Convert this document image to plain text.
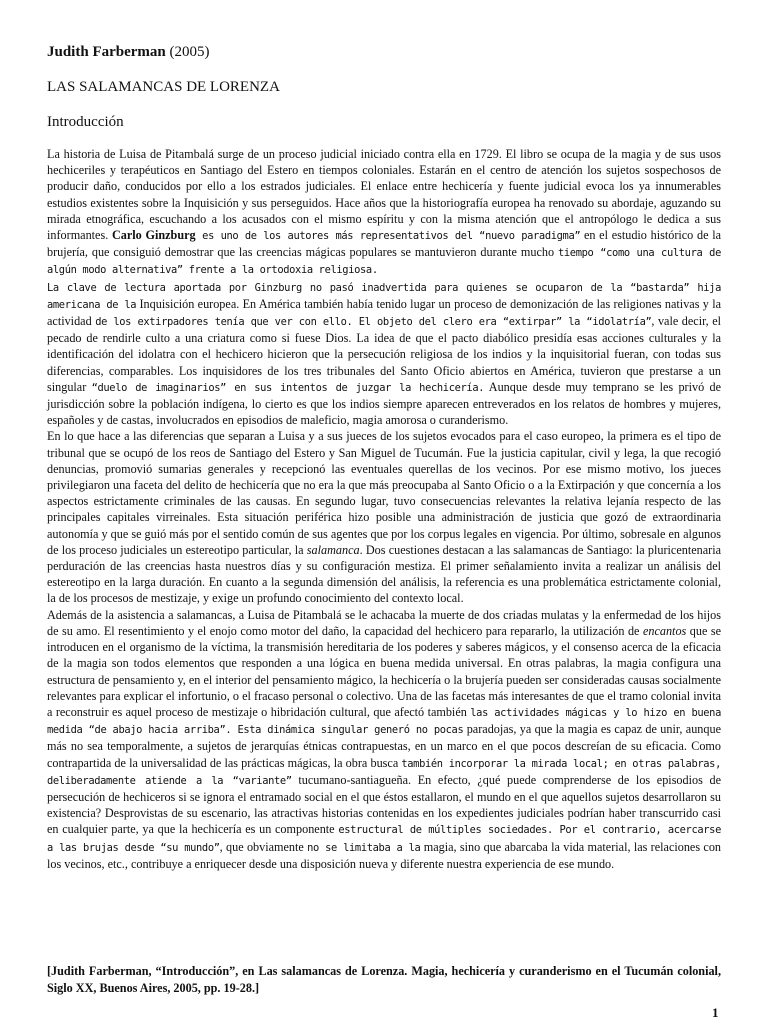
Judith Farberman (2005)
LAS SALAMANCAS DE LORENZA
Introducción

La historia de Luisa de Pitambalá surge de un proceso judicial iniciado contra ella en 1729. El libro se ocupa de la magia y de sus usos hechiceriles y terapéuticos en Santiago del Estero en tiempos coloniales. Estarán en el centro de atención los sujetos sospechosos de producir daño, conducidos por ello a los estrados judiciales. El enlace entre hechicería y fuente judicial evoca los ya innumerables estudios existentes sobre la Inquisición y sus perseguidos. Hace años que la historiografía europea ha renovado su abordaje, aguzando su mirada etnográfica, escuchando a los acusados con el mismo espíritu y con la misma atención que el antropólogo le dedica a sus informantes. Carlo Ginzburg es uno de los autores más representativos del “nuevo paradigma” en el estudio histórico de la brujería, que consiguió demostrar que las creencias mágicas populares se mantuvieron durante mucho tiempo “como una cultura de algún modo alternativa” frente a la ortodoxia religiosa.

La clave de lectura aportada por Ginzburg no pasó inadvertida para quienes se ocuparon de la “bastarda” hija americana de la Inquisición europea. En América también había tenido lugar un proceso de demonización de las religiones nativas y la actividad de los extirpadores tenía que ver con ello. El objeto del clero era “extirpar” la “idolatría”, vale decir, el pecado de rendirle culto a una criatura como si fuese Dios. La idea de que el pacto diabólico presidía esas acciones culturales y la identificación del idolatra con el hechicero hicieron que la persecución religiosa de los indios y la inquisitorial fueran, con todas sus diferencias, comparables. Los inquisidores de los tres tribunales del Santo Oficio abiertos en América, tuvieron que prestarse a un singular “duelo de imaginarios” en sus intentos de juzgar la hechicería. Aunque desde muy temprano se les privó de jurisdicción sobre la población indígena, lo cierto es que los indios siempre aparecen entreverados en los relatos de hombres y mujeres, españoles y de castas, involucrados en episodios de maleficio, magia amorosa o curanderismo.

En lo que hace a las diferencias que separan a Luisa y a sus jueces de los sujetos evocados para el caso europeo, la primera es el tipo de tribunal que se ocupó de los reos de Santiago del Estero y San Miguel de Tucumán. Fue la justicia capitular, civil y lega, la que recogió denuncias, promovió sumarias generales y recepcionó las eventuales querellas de los vecinos. Por ese mismo motivo, los jueces privilegiaron una faceta del delito de hechicería que no era la que más preocupaba al Santo Oficio o a la Extirpación y que concernía a los aspectos estrictamente criminales de las causas. En segundo lugar, tuvo consecuencias relevantes la relativa lejanía respecto de las principales capitales virreinales. Esta situación periférica hizo posible una administración de justicia que gozó de extraordinaria autonomía y que se guió más por el sentido común de sus agentes que por los corpus legales en vigencia. Por último, sobresale en algunos de los proceso judiciales un estereotipo particular, la salamanca. Dos cuestiones destacan a las salamancas de Santiago: la pluricentenaria perduración de las creencias hasta nuestros días y su configuración mestiza. El primer señalamiento invita a realizar un análisis del estereotipo en la larga duración. En cuanto a la segunda dimensión del análisis, la referencia es una problemática estrictamente colonial, la de los procesos de mestizaje, y exige un profundo conocimiento del contexto local.

Además de la asistencia a salamancas, a Luisa de Pitambalá se le achacaba la muerte de dos criadas mulatas y la enfermedad de los hijos de su amo. El resentimiento y el enojo como motor del daño, la capacidad del hechicero para repararlo, la utilización de encantos que se introducen en el organismo de la víctima, la transmisión hereditaria de los poderes y saberes mágicos, y el consenso acerca de la eficacia de la magia son todos elementos que responden a una lógica en buena medida universal. En otras palabras, la magia configura una estructura de pensamiento y, en el interior del pensamiento mágico, la hechicería o la brujería pueden ser consideradas causas socialmente relevantes para explicar el infortunio, o el fracaso personal o colectivo. Una de las facetas más interesantes de que el tramo colonial invita a reconstruir es aquel proceso de mestizaje o hibridación cultural, que afectó también las actividades mágicas y lo hizo en buena medida “de abajo hacia arriba”. Esta dinámica singular generó no pocas paradojas, ya que la magia es capaz de unir, aunque más no sea temporalmente, a sujetos de jerarquías étnicas contrapuestas, en un marco en el que pocos descreían de su eficacia. Como contrapartida de la universalidad de las prácticas mágicas, la obra busca también incorporar la mirada local; en otras palabras, deliberadamente atiende a la “variante” tucumano-santiagueña. En efecto, ¿qué puede comprenderse de los episodios de persecución de hechiceros si se ignora el entramado social en el que éstos estallaron, el mundo en el que aquellos sujetos desarrollaron su existencia? Desprovistas de su escenario, las atractivas historias contenidas en los expedientes judiciales podrían haber transcurrido casi en cualquier parte, ya que la hechicería es un componente estructural de múltiples sociedades. Por el contrario, acercarse a las brujas desde “su mundo”, que obviamente no se limitaba a la magia, sino que abarcaba la vida material, las relaciones con los vecinos, etc., contribuye a enriquecer desde una disposición nueva y diferente nuestra experiencia de ese mundo.

[Judith Farberman, “Introducción”, en Las salamancas de Lorenza. Magia, hechicería y curanderismo en el Tucumán colonial, Siglo XX, Buenos Aires, 2005, pp. 19-28.]
1
